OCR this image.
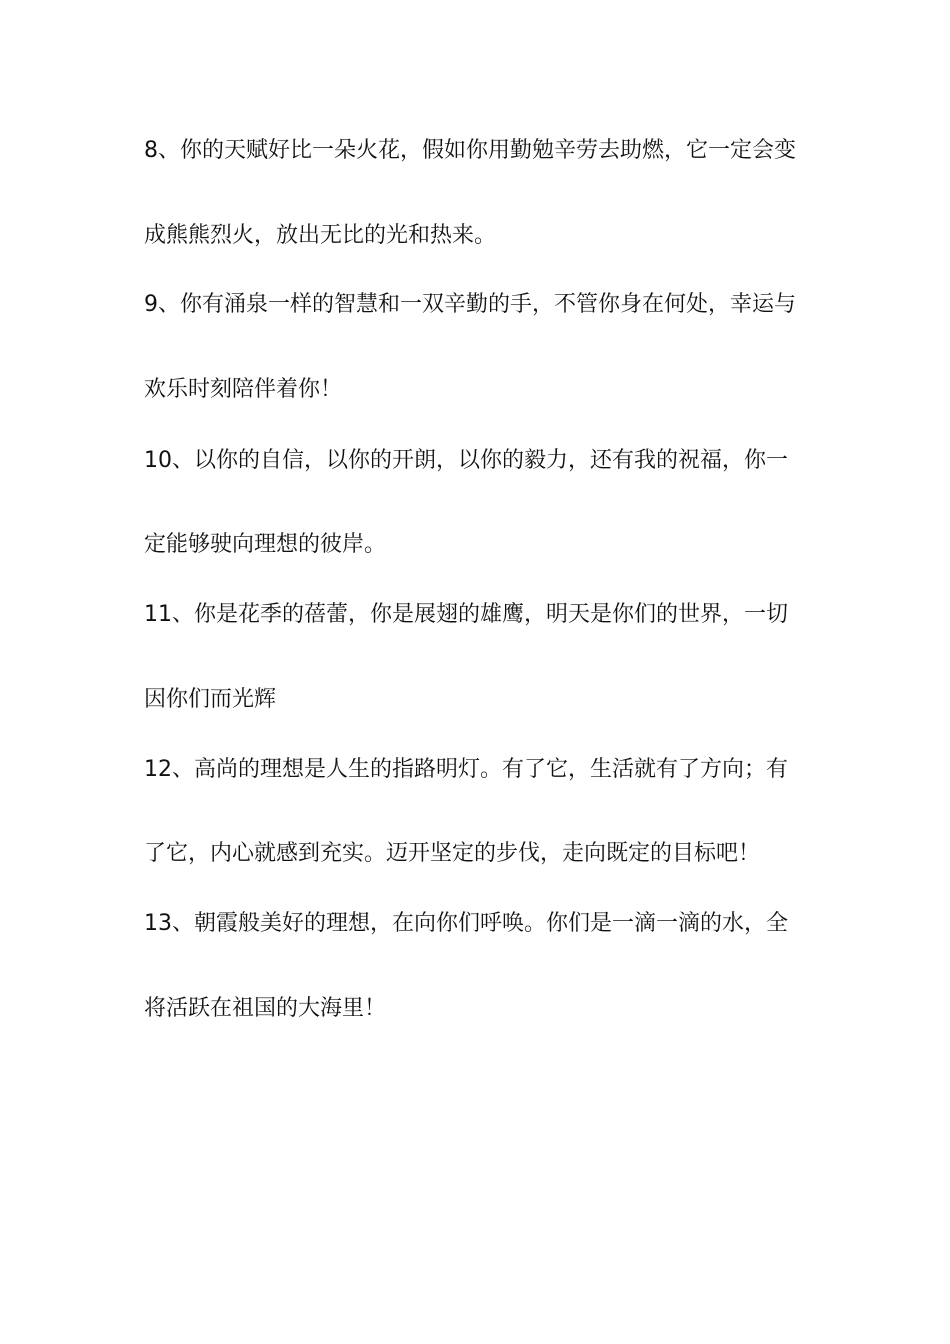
8、你的天赋好比一朵火花，假如你用勤勉辛劳去助燃，它一定会变
成熊熊烈火，放出无比的光和热来。
9、你有涌泉一样的智慧和一双辛勤的手，不管你身在何处，幸运与
欢乐时刻陪伴着你！
10、以你的自信，以你的开朗，以你的毅力，还有我的祝福，你一
定能够驶向理想的彼岸。
11、你是花季的蓓蕾，你是展翅的雄鹰，明天是你们的世界，一切
因你们而光辉
12、高尚的理想是人生的指路明灯。有了它，生活就有了方向；有
了它，内心就感到充实。迈开坚定的步伐，走向既定的目标吧！
13、朝霞般美好的理想，在向你们呼唤。你们是一滴一滴的水，全
将活跃在祖国的大海里！
